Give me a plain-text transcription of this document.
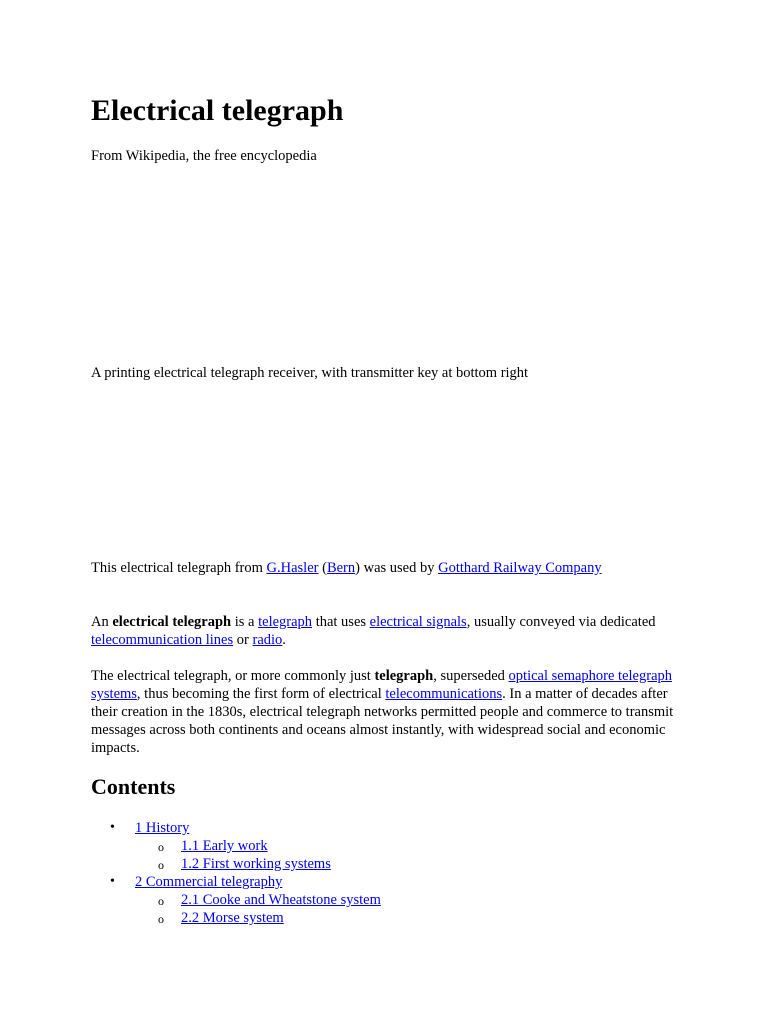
Electrical telegraph

From Wikipedia, the free encyclopedia

A printing electrical telegraph receiver, with transmitter key at bottom right

This electrical telegraph from G.Hasler (Bern) was used by Gotthard Railway Company

An electrical telegraph is a telegraph that uses electrical signals, usually conveyed via dedicated telecommunication lines or radio.

The electrical telegraph, or more commonly just telegraph, superseded optical semaphore telegraph systems, thus becoming the first form of electrical telecommunications. In a matter of decades after their creation in the 1830s, electrical telegraph networks permitted people and commerce to transmit messages across both continents and oceans almost instantly, with widespread social and economic impacts.

Contents
• 1 History
o 1.1 Early work
o 1.2 First working systems
• 2 Commercial telegraphy
o 2.1 Cooke and Wheatstone system
o 2.2 Morse system
